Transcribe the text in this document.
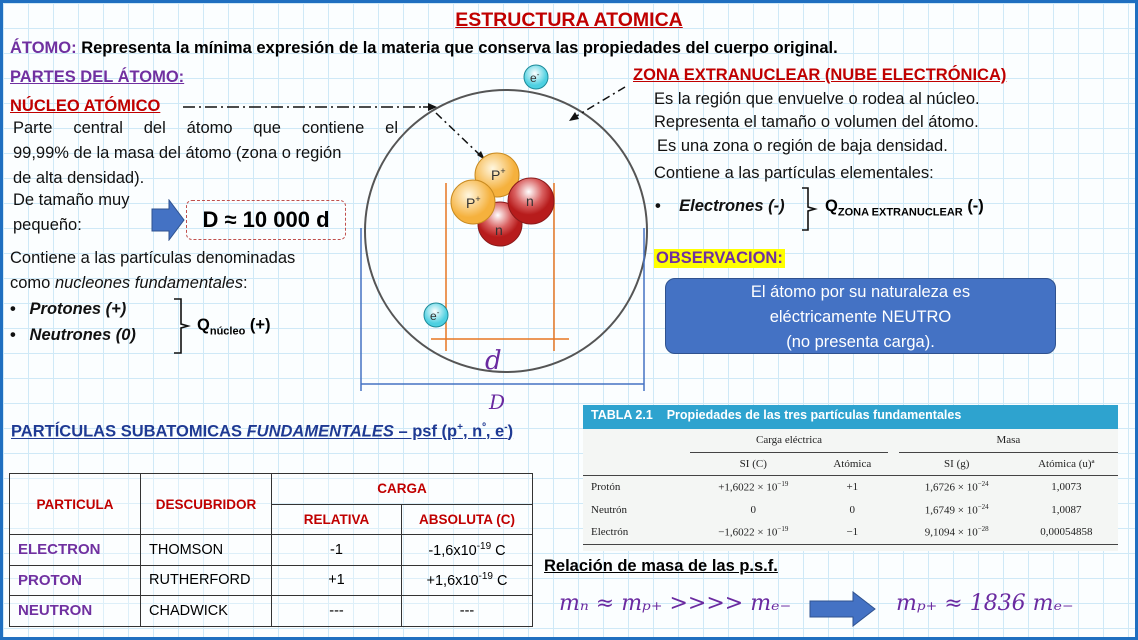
ESTRUCTURA ATOMICA
ÁTOMO: Representa la mínima expresión de la materia que conserva las propiedades del cuerpo original.
PARTES DEL ÁTOMO:
NÚCLEO ATÓMICO
Parte central del átomo que contiene el
99,99% de la masa del átomo (zona o región
de alta densidad).
De tamaño muy
pequeño:	D ≈ 10 000 d
Contiene a las partículas denominadas
como nucleones fundamentales:
•   Protones (+)
•   Neutrones (0)
$Q_{núcleo}$ (+)
P+
P+	n
n
e-
e-
d
D
ZONA EXTRANUCLEAR (NUBE ELECTRÓNICA)
Es la región que envuelve o rodea al núcleo.
Representa el tamaño o volumen del átomo.
Es una zona o región de baja densidad.
Contiene a las partículas elementales:
•    Electrones (-) $Q_{ZONA EXTRANUCLEAR}$ (-)
OBSERVACION:
El átomo por su naturaleza es
eléctricamente NEUTRO
(no presenta carga).
PARTÍCULAS SUBATOMICAS FUNDAMENTALES – psf (p+, $n^º$, e-)
PARTICULA	DESCUBRIDOR	CARGA	
		RELATIVA	ABSOLUTA (C)
ELECTRON	THOMSON	-1	$-1,6x10^{-19}$ C
PROTON	RUTHERFORD	+1	$+1,6x10^{-19}$ C
NEUTRON	CHADWICK	---	---
TABLA 2.1 Propiedades de las tres partículas fundamentales
	Carga eléctrica			Masa	
	SI (C)	Atómica		SI (g)	Atómica (u)ª
Protón	$+1,6022 \times 10^{-19}$	+1		$1,6726 \times 10^{-24}$	1,0073
Neutrón	0	0		$1,6749 \times 10^{-24}$	1,0087
Electrón	$-1,6022 \times 10^{-19}$	−1		$9,1094 \times 10^{-28}$	0,00054858
Relación de masa de las p.s.f.
mₙ ≈ mₚ₊ >>>> mₑ₋	mₚ₊ ≈ 1836 mₑ₋
